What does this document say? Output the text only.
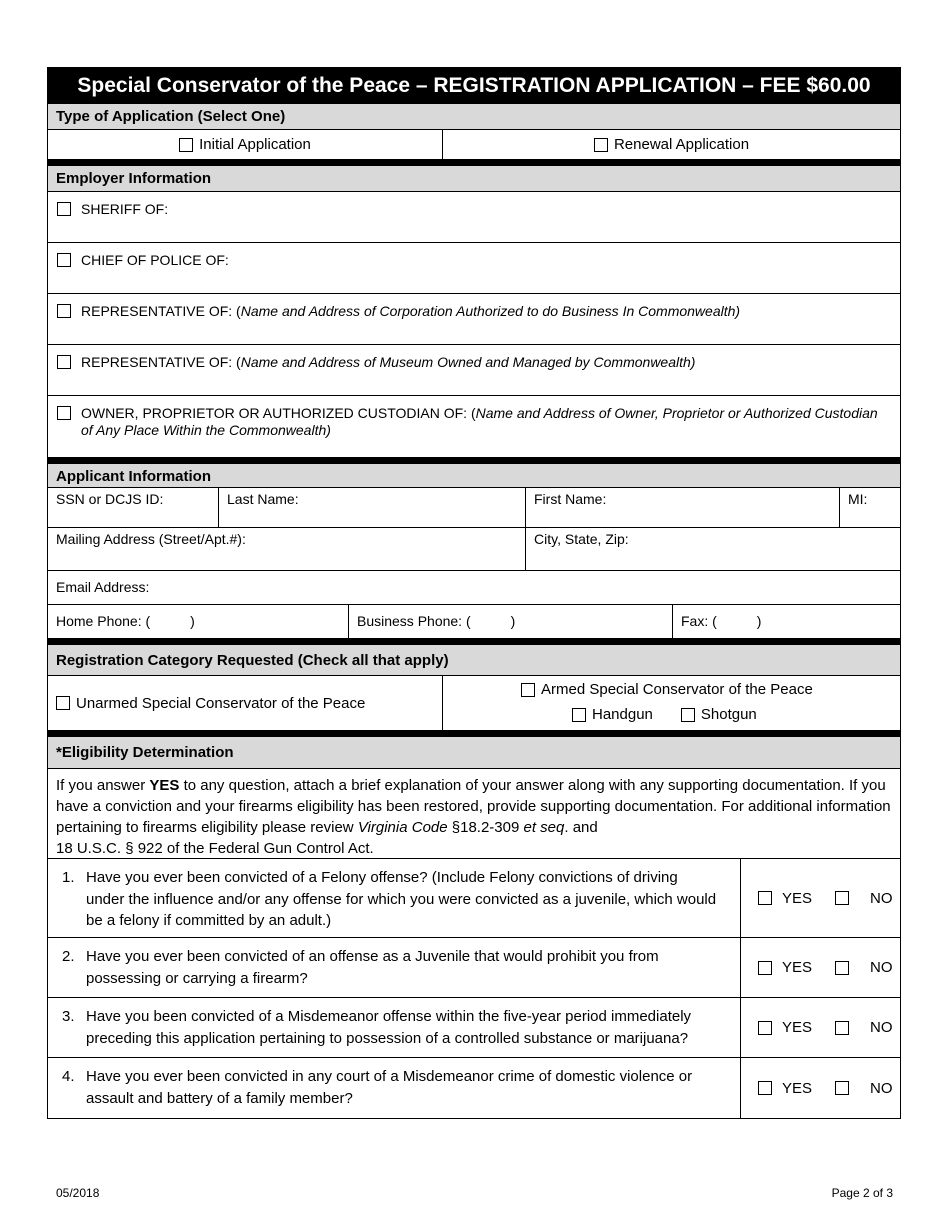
Special Conservator of the Peace – REGISTRATION APPLICATION – FEE $60.00
Type of Application (Select One)
Initial Application	Renewal Application
Employer Information
SHERIFF OF:
CHIEF OF POLICE OF:
REPRESENTATIVE OF: (Name and Address of Corporation Authorized to do Business In Commonwealth)
REPRESENTATIVE OF: (Name and Address of Museum Owned and Managed by Commonwealth)
OWNER, PROPRIETOR OR AUTHORIZED CUSTODIAN OF: (Name and Address of Owner, Proprietor or Authorized Custodian of Any Place Within the Commonwealth)
Applicant Information
SSN or DCJS ID:	Last Name:	First Name:	MI:
Mailing Address (Street/Apt.#):	City, State, Zip:
Email Address:
Home Phone: (	)	Business Phone: (	)	Fax: (	)
Registration Category Requested (Check all that apply)
Unarmed Special Conservator of the Peace
Armed Special Conservator of the Peace
Handgun	Shotgun
*Eligibility Determination
If you answer YES to any question, attach a brief explanation of your answer along with any supporting documentation. If you have a conviction and your firearms eligibility has been restored, provide supporting documentation. For additional information pertaining to firearms eligibility please review Virginia Code §18.2-309 et seq. and
18 U.S.C. § 922 of the Federal Gun Control Act.
1. Have you ever been convicted of a Felony offense? (Include Felony convictions of driving under the influence and/or any offense for which you were convicted as a juvenile, which would be a felony if committed by an adult.)
YES	NO
2. Have you ever been convicted of an offense as a Juvenile that would prohibit you from possessing or carrying a firearm?
YES	NO
3. Have you been convicted of a Misdemeanor offense within the five-year period immediately preceding this application pertaining to possession of a controlled substance or marijuana?
YES	NO
4. Have you ever been convicted in any court of a Misdemeanor crime of domestic violence or assault and battery of a family member?
YES	NO
05/2018	Page 2 of 3
